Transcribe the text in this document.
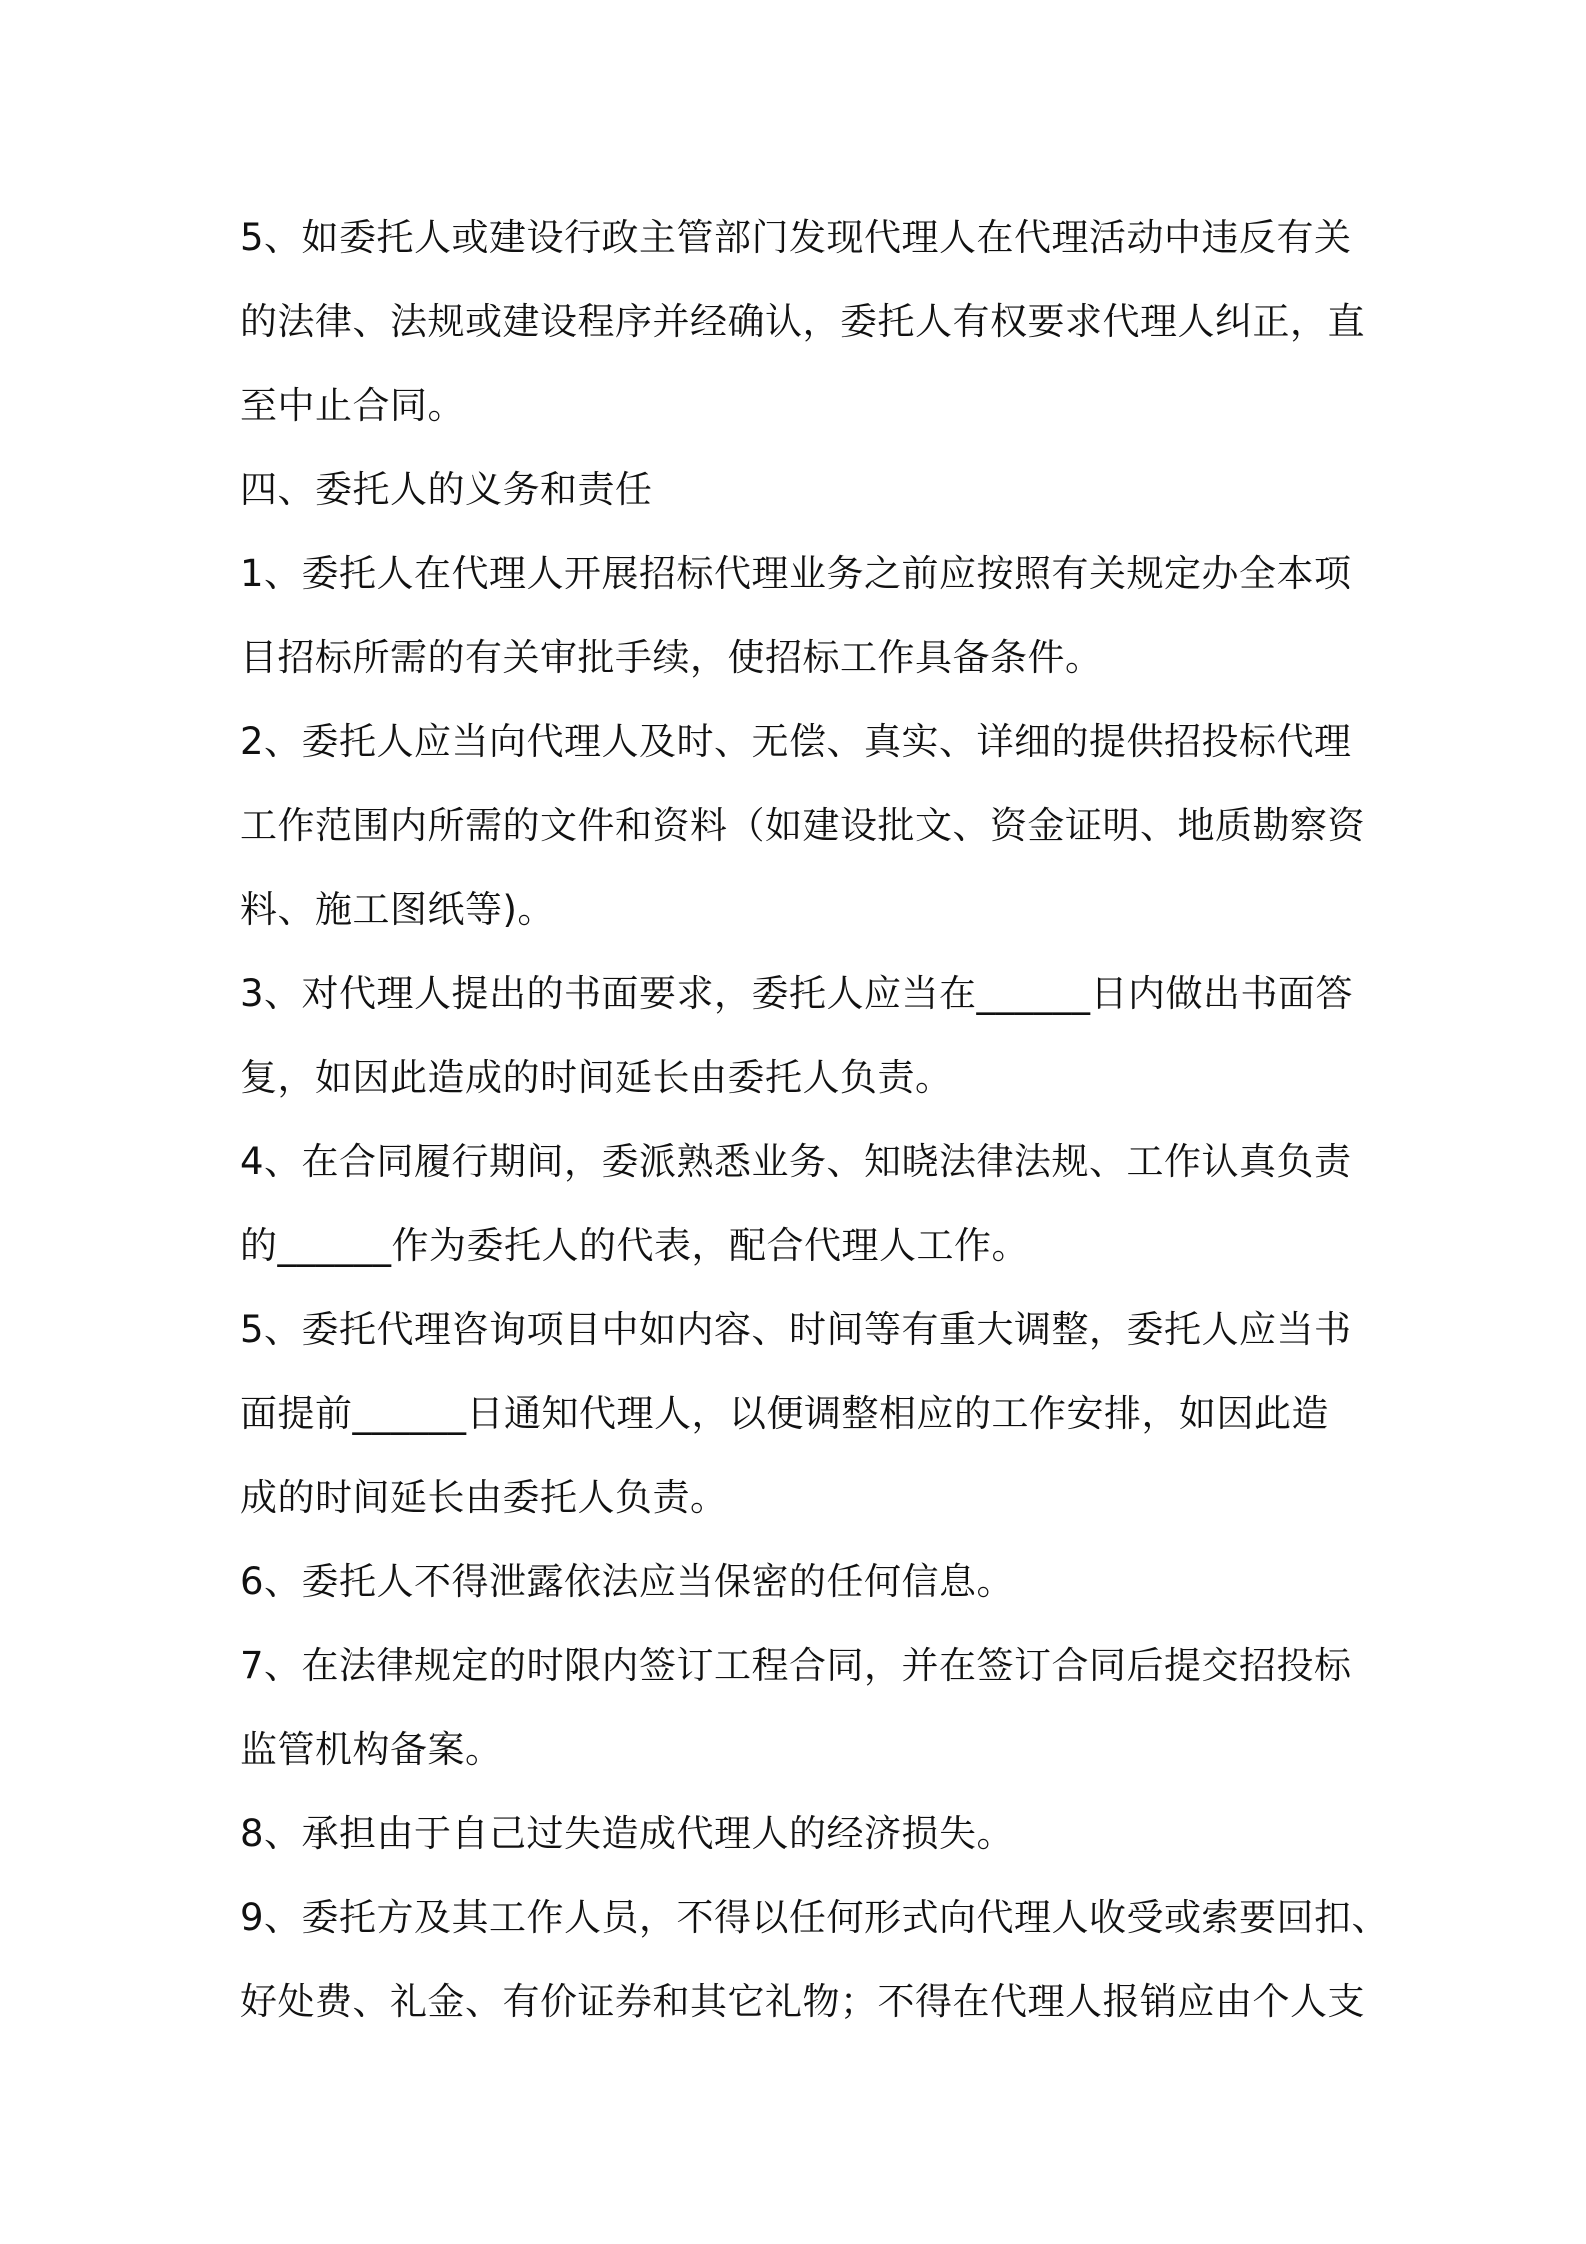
5、如委托人或建设行政主管部门发现代理人在代理活动中违反有关
的法律、法规或建设程序并经确认，委托人有权要求代理人纠正，直
至中止合同。
四、委托人的义务和责任
1、委托人在代理人开展招标代理业务之前应按照有关规定办全本项
目招标所需的有关审批手续，使招标工作具备条件。
2、委托人应当向代理人及时、无偿、真实、详细的提供招投标代理
工作范围内所需的文件和资料（如建设批文、资金证明、地质勘察资
料、施工图纸等)。
3、对代理人提出的书面要求，委托人应当在______日内做出书面答
复，如因此造成的时间延长由委托人负责。
4、在合同履行期间，委派熟悉业务、知晓法律法规、工作认真负责
的______作为委托人的代表，配合代理人工作。
5、委托代理咨询项目中如内容、时间等有重大调整，委托人应当书
面提前______日通知代理人，以便调整相应的工作安排，如因此造
成的时间延长由委托人负责。
6、委托人不得泄露依法应当保密的任何信息。
7、在法律规定的时限内签订工程合同，并在签订合同后提交招投标
监管机构备案。
8、承担由于自己过失造成代理人的经济损失。
9、委托方及其工作人员，不得以任何形式向代理人收受或索要回扣、
好处费、礼金、有价证券和其它礼物；不得在代理人报销应由个人支
